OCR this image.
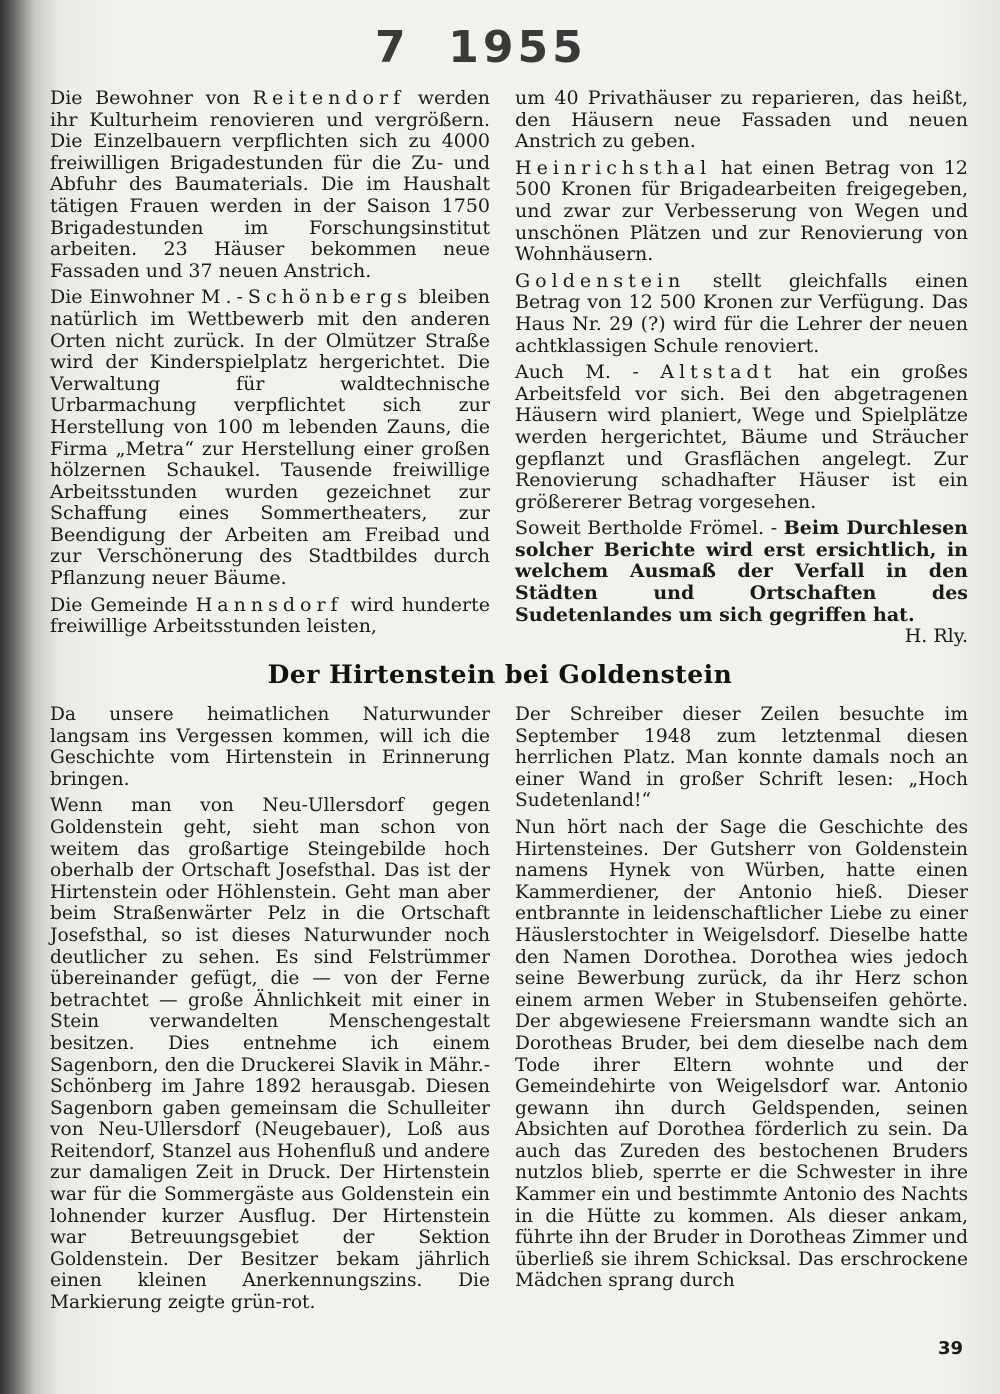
7  1955

Die Bewohner von Reitendorf werden ihr Kulturheim renovieren und vergrößern. Die Einzelbauern verpflichten sich zu 4000 freiwilligen Brigadestunden für die Zu- und Abfuhr des Baumaterials. Die im Haushalt tätigen Frauen werden in der Saison 1750 Brigadestunden im Forschungsinstitut arbeiten. 23 Häuser bekommen neue Fassaden und 37 neuen Anstrich.

Die Einwohner M.-Schönbergs bleiben natürlich im Wettbewerb mit den anderen Orten nicht zurück. In der Olmützer Straße wird der Kinderspielplatz hergerichtet. Die Verwaltung für waldtechnische Urbarmachung verpflichtet sich zur Herstellung von 100 m lebenden Zauns, die Firma „Metra“ zur Herstellung einer großen hölzernen Schaukel. Tausende freiwillige Arbeitsstunden wurden gezeichnet zur Schaffung eines Sommertheaters, zur Beendigung der Arbeiten am Freibad und zur Verschönerung des Stadtbildes durch Pflanzung neuer Bäume.

Die Gemeinde Hannsdorf wird hunderte freiwillige Arbeitsstunden leisten,

um 40 Privathäuser zu reparieren, das heißt, den Häusern neue Fassaden und neuen Anstrich zu geben.

Heinrichsthal hat einen Betrag von 12 500 Kronen für Brigadearbeiten freigegeben, und zwar zur Verbesserung von Wegen und unschönen Plätzen und zur Renovierung von Wohnhäusern.

Goldenstein stellt gleichfalls einen Betrag von 12 500 Kronen zur Verfügung. Das Haus Nr. 29 (?) wird für die Lehrer der neuen achtklassigen Schule renoviert.

Auch M. - Altstadt hat ein großes Arbeitsfeld vor sich. Bei den abgetragenen Häusern wird planiert, Wege und Spielplätze werden hergerichtet, Bäume und Sträucher gepflanzt und Grasflächen angelegt. Zur Renovierung schadhafter Häuser ist ein größererer Betrag vorgesehen.

Soweit Bertholde Frömel. - Beim Durchlesen solcher Berichte wird erst ersichtlich, in welchem Ausmaß der Verfall in den Städten und Ortschaften des Sudetenlandes um sich gegriffen hat.
H. Rly.

Der Hirtenstein bei Goldenstein

Da unsere heimatlichen Naturwunder langsam ins Vergessen kommen, will ich die Geschichte vom Hirtenstein in Erinnerung bringen.

Wenn man von Neu-Ullersdorf gegen Goldenstein geht, sieht man schon von weitem das großartige Steingebilde hoch oberhalb der Ortschaft Josefsthal. Das ist der Hirtenstein oder Höhlenstein. Geht man aber beim Straßenwärter Pelz in die Ortschaft Josefsthal, so ist dieses Naturwunder noch deutlicher zu sehen. Es sind Felstrümmer übereinander gefügt, die — von der Ferne betrachtet — große Ähnlichkeit mit einer in Stein verwandelten Menschengestalt besitzen. Dies entnehme ich einem Sagenborn, den die Druckerei Slavik in Mähr.-Schönberg im Jahre 1892 herausgab. Diesen Sagenborn gaben gemeinsam die Schulleiter von Neu-Ullersdorf (Neugebauer), Loß aus Reitendorf, Stanzel aus Hohenfluß und andere zur damaligen Zeit in Druck. Der Hirtenstein war für die Sommergäste aus Goldenstein ein lohnender kurzer Ausflug. Der Hirtenstein war Betreuungsgebiet der Sektion Goldenstein. Der Besitzer bekam jährlich einen kleinen Anerkennungszins. Die Markierung zeigte grün-rot.

Der Schreiber dieser Zeilen besuchte im September 1948 zum letztenmal diesen herrlichen Platz. Man konnte damals noch an einer Wand in großer Schrift lesen: „Hoch Sudetenland!“

Nun hört nach der Sage die Geschichte des Hirtensteines. Der Gutsherr von Goldenstein namens Hynek von Würben, hatte einen Kammerdiener, der Antonio hieß. Dieser entbrannte in leidenschaftlicher Liebe zu einer Häuslerstochter in Weigelsdorf. Dieselbe hatte den Namen Dorothea. Dorothea wies jedoch seine Bewerbung zurück, da ihr Herz schon einem armen Weber in Stubenseifen gehörte. Der abgewiesene Freiersmann wandte sich an Dorotheas Bruder, bei dem dieselbe nach dem Tode ihrer Eltern wohnte und der Gemeindehirte von Weigelsdorf war. Antonio gewann ihn durch Geldspenden, seinen Absichten auf Dorothea förderlich zu sein. Da auch das Zureden des bestochenen Bruders nutzlos blieb, sperrte er die Schwester in ihre Kammer ein und bestimmte Antonio des Nachts in die Hütte zu kommen. Als dieser ankam, führte ihn der Bruder in Dorotheas Zimmer und überließ sie ihrem Schicksal. Das erschrockene Mädchen sprang durch

39
